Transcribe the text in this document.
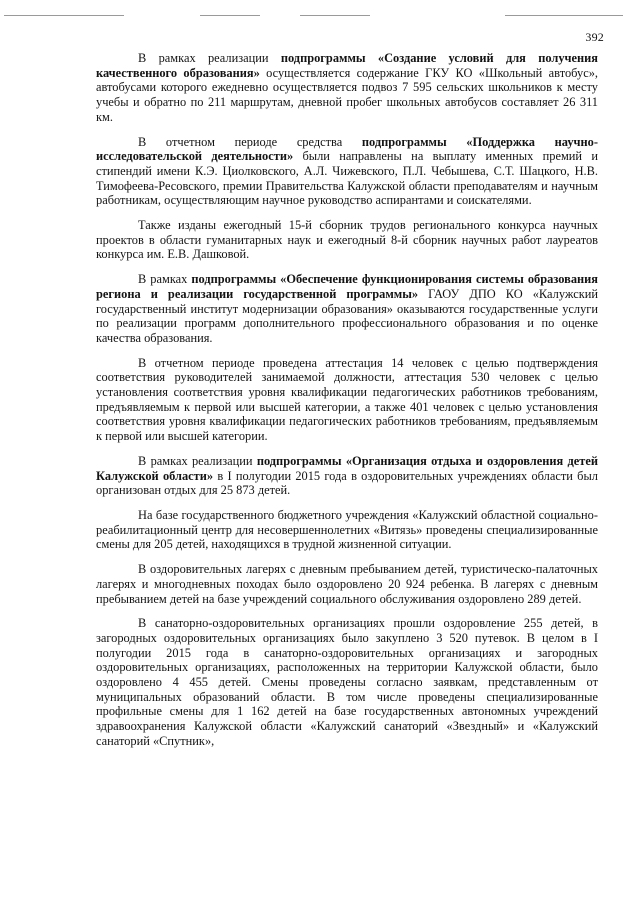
392

В рамках реализации подпрограммы «Создание условий для получения качественного образования» осуществляется содержание ГКУ КО «Школьный автобус», автобусами которого ежедневно осуществляется подвоз 7 595 сельских школьников к месту учебы и обратно по 211 маршрутам, дневной пробег школьных автобусов составляет 26 311 км.

В отчетном периоде средства подпрограммы «Поддержка научно-исследовательской деятельности» были направлены на выплату именных премий и стипендий имени К.Э. Циолковского, А.Л. Чижевского, П.Л. Чебышева, С.Т. Шацкого, Н.В. Тимофеева-Ресовского, премии Правительства Калужской области преподавателям и научным работникам, осуществляющим научное руководство аспирантами и соискателями.

Также изданы ежегодный 15-й сборник трудов регионального конкурса научных проектов в области гуманитарных наук и ежегодный 8-й сборник научных работ лауреатов конкурса им. Е.В. Дашковой.

В рамках подпрограммы «Обеспечение функционирования системы образования региона и реализации государственной программы» ГАОУ ДПО КО «Калужский государственный институт модернизации образования» оказываются государственные услуги по реализации программ дополнительного профессионального образования и по оценке качества образования.

В отчетном периоде проведена аттестация 14 человек с целью подтверждения соответствия руководителей занимаемой должности, аттестация 530 человек с целью установления соответствия уровня квалификации педагогических работников требованиям, предъявляемым к первой или высшей категории, а также 401 человек с целью установления соответствия уровня квалификации педагогических работников требованиям, предъявляемым к первой или высшей категории.

В рамках реализации подпрограммы «Организация отдыха и оздоровления детей Калужской области» в I полугодии 2015 года в оздоровительных учреждениях области был организован отдых для 25 873 детей.

На базе государственного бюджетного учреждения «Калужский областной социально-реабилитационный центр для несовершеннолетних «Витязь» проведены специализированные смены для 205 детей, находящихся в трудной жизненной ситуации.

В оздоровительных лагерях с дневным пребыванием детей, туристическо-палаточных лагерях и многодневных походах было оздоровлено 20 924 ребенка. В лагерях с дневным пребыванием детей на базе учреждений социального обслуживания оздоровлено 289 детей.

В санаторно-оздоровительных организациях прошли оздоровление 255 детей, в загородных оздоровительных организациях было закуплено 3 520 путевок. В целом в I полугодии 2015 года в санаторно-оздоровительных организациях и загородных оздоровительных организациях, расположенных на территории Калужской области, было оздоровлено 4 455 детей. Смены проведены согласно заявкам, представленным от муниципальных образований области. В том числе проведены специализированные профильные смены для 1 162 детей на базе государственных автономных учреждений здравоохранения Калужской области «Калужский санаторий «Звездный» и «Калужский санаторий «Спутник»,
